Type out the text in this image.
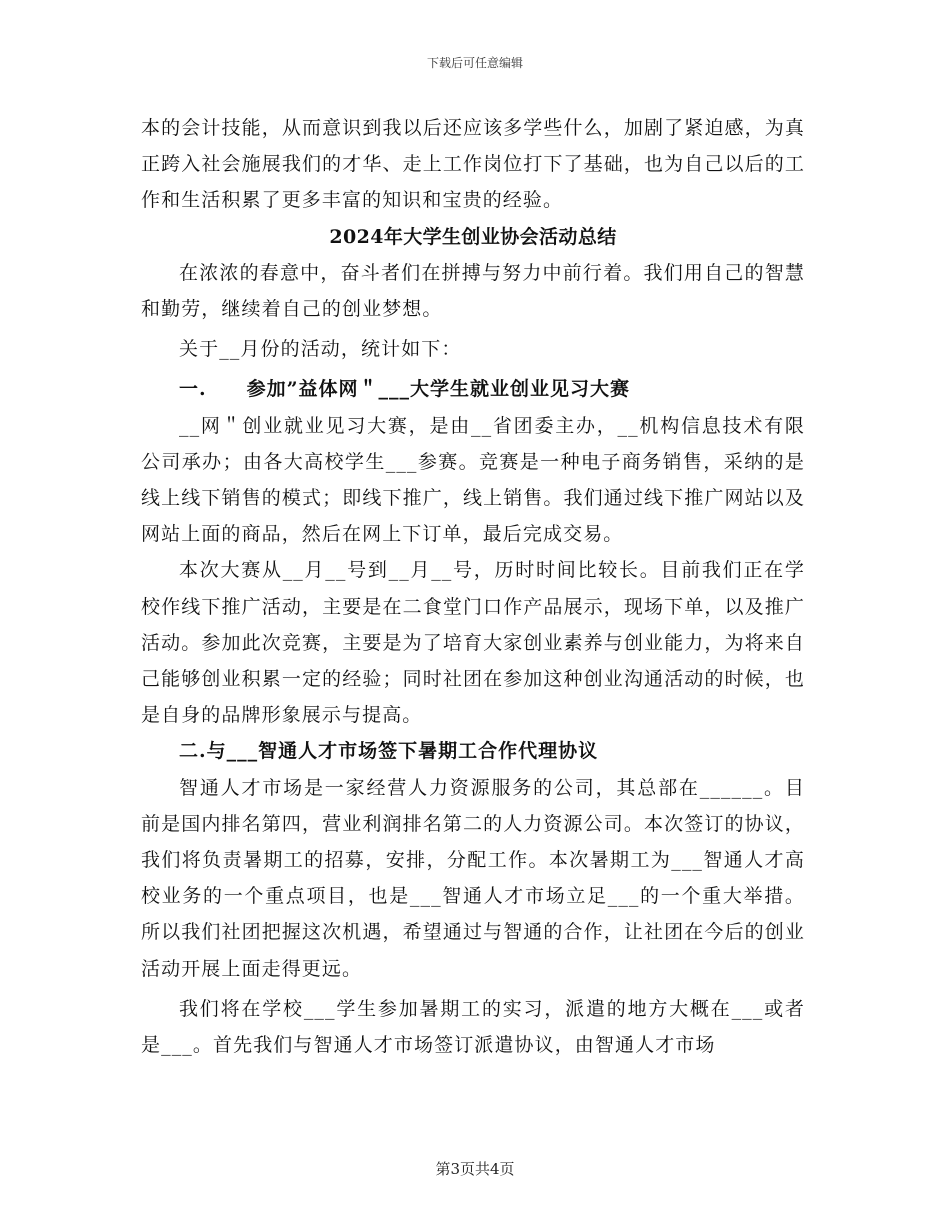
下载后可任意编辑

本的会计技能，从而意识到我以后还应该多学些什么，加剧了紧迫感，为真正跨入社会施展我们的才华、走上工作岗位打下了基础，也为自己以后的工作和生活积累了更多丰富的知识和宝贵的经验。

2024年大学生创业协会活动总结

在浓浓的春意中，奋斗者们在拼搏与努力中前行着。我们用自己的智慧和勤劳，继续着自己的创业梦想。

关于__月份的活动，统计如下：

一.　　参加”益体网＂___大学生就业创业见习大赛

__网＂创业就业见习大赛，是由__省团委主办，__机构信息技术有限公司承办；由各大高校学生___参赛。竞赛是一种电子商务销售，采纳的是线上线下销售的模式；即线下推广，线上销售。我们通过线下推广网站以及网站上面的商品，然后在网上下订单，最后完成交易。

本次大赛从__月__号到__月__号，历时时间比较长。目前我们正在学校作线下推广活动，主要是在二食堂门口作产品展示，现场下单，以及推广活动。参加此次竞赛，主要是为了培育大家创业素养与创业能力，为将来自己能够创业积累一定的经验；同时社团在参加这种创业沟通活动的时候，也是自身的品牌形象展示与提高。

二.与___智通人才市场签下暑期工合作代理协议

智通人才市场是一家经营人力资源服务的公司，其总部在______。目前是国内排名第四，营业利润排名第二的人力资源公司。本次签订的协议，我们将负责暑期工的招募，安排，分配工作。本次暑期工为___智通人才高校业务的一个重点项目，也是___智通人才市场立足___的一个重大举措。所以我们社团把握这次机遇，希望通过与智通的合作，让社团在今后的创业活动开展上面走得更远。

我们将在学校___学生参加暑期工的实习，派遣的地方大概在___或者是___。首先我们与智通人才市场签订派遣协议，由智通人才市场

第3页共4页
